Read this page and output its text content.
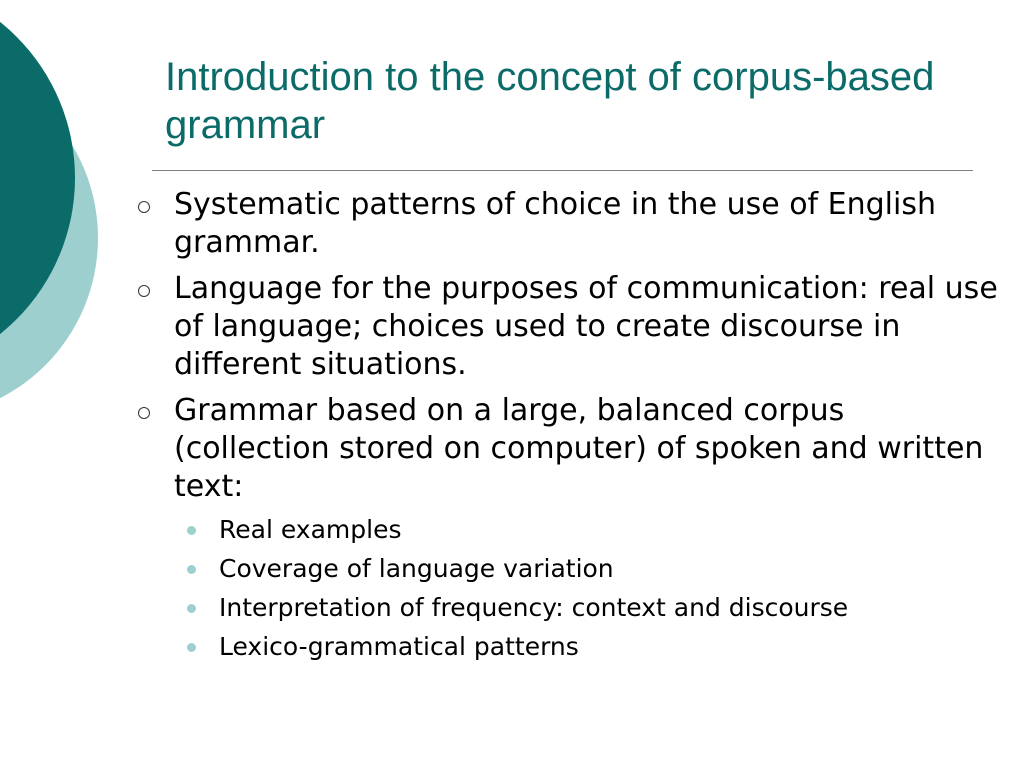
Introduction to the concept of corpus-based grammar
Systematic patterns of choice in the use of English grammar.
Language for the purposes of communication: real use of language; choices used to create discourse in different situations.
Grammar based on a large, balanced corpus (collection stored on computer) of spoken and written text:
Real examples
Coverage of language variation
Interpretation of frequency: context and discourse
Lexico-grammatical patterns
